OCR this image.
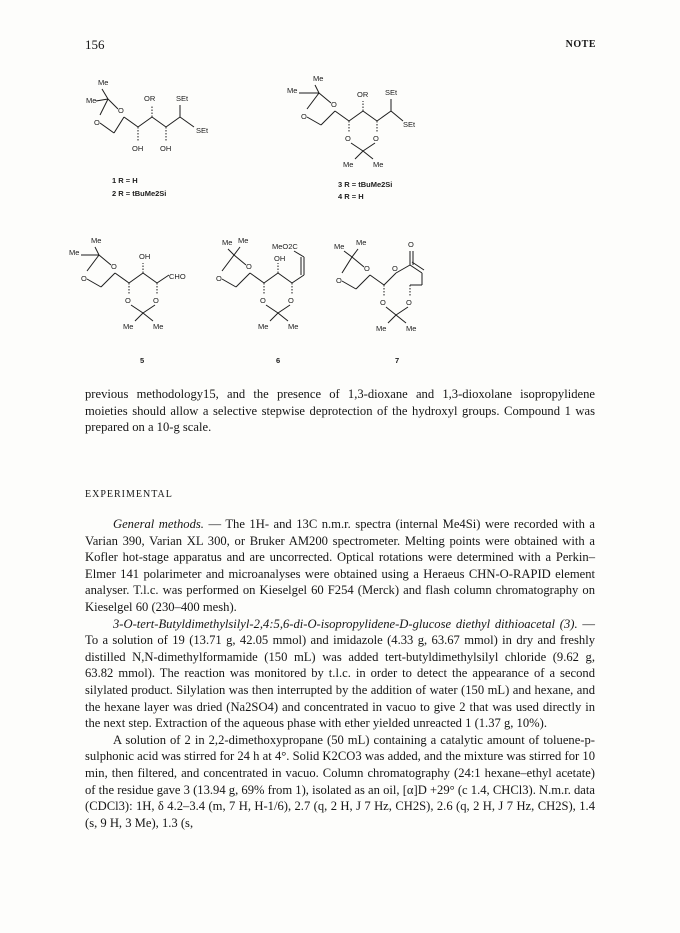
156	NOTE
Me
Me
O
O
OR	SEt
SEt
OH OH
1 R = H
2 R = tBuMe2Si
Me
Me
O
O
OR SEt
SEt
O	O
Me	Me
3 R = tBuMe2Si
4 R = H
Me
Me
O
O
OH
CHO
O	O
Me	Me
5
Me Me
O
O
MeO2C
OH
O	O
Me	Me
6
Me Me
O
O
O
O
O	O
Me	Me
7

previous methodology15, and the presence of 1,3-dioxane and 1,3-dioxolane isopropylidene moieties should allow a selective stepwise deprotection of the hydroxyl groups. Compound 1 was prepared on a 10-g scale.

EXPERIMENTAL

General methods. — The 1H- and 13C n.m.r. spectra (internal Me4Si) were recorded with a Varian 390, Varian XL 300, or Bruker AM200 spectrometer. Melting points were obtained with a Kofler hot-stage apparatus and are uncorrected. Optical rotations were determined with a Perkin–Elmer 141 polarimeter and microanalyses were obtained using a Heraeus CHN-O-RAPID element analyser. T.l.c. was performed on Kieselgel 60 F254 (Merck) and flash column chromatography on Kieselgel 60 (230–400 mesh).

3-O-tert-Butyldimethylsilyl-2,4:5,6-di-O-isopropylidene-D-glucose diethyl dithioacetal (3). — To a solution of 19 (13.71 g, 42.05 mmol) and imidazole (4.33 g, 63.67 mmol) in dry and freshly distilled N,N-dimethylformamide (150 mL) was added tert-butyldimethylsilyl chloride (9.62 g, 63.82 mmol). The reaction was monitored by t.l.c. in order to detect the appearance of a second silylated product. Silylation was then interrupted by the addition of water (150 mL) and hexane, and the hexane layer was dried (Na2SO4) and concentrated in vacuo to give 2 that was used directly in the next step. Extraction of the aqueous phase with ether yielded unreacted 1 (1.37 g, 10%).

A solution of 2 in 2,2-dimethoxypropane (50 mL) containing a catalytic amount of toluene-p-sulphonic acid was stirred for 24 h at 4°. Solid K2CO3 was added, and the mixture was stirred for 10 min, then filtered, and concentrated in vacuo. Column chromatography (24:1 hexane–ethyl acetate) of the residue gave 3 (13.94 g, 69% from 1), isolated as an oil, [α]D +29° (c 1.4, CHCl3). N.m.r. data (CDCl3): 1H, δ 4.2–3.4 (m, 7 H, H-1/6), 2.7 (q, 2 H, J 7 Hz, CH2S), 2.6 (q, 2 H, J 7 Hz, CH2S), 1.4 (s, 9 H, 3 Me), 1.3 (s,
